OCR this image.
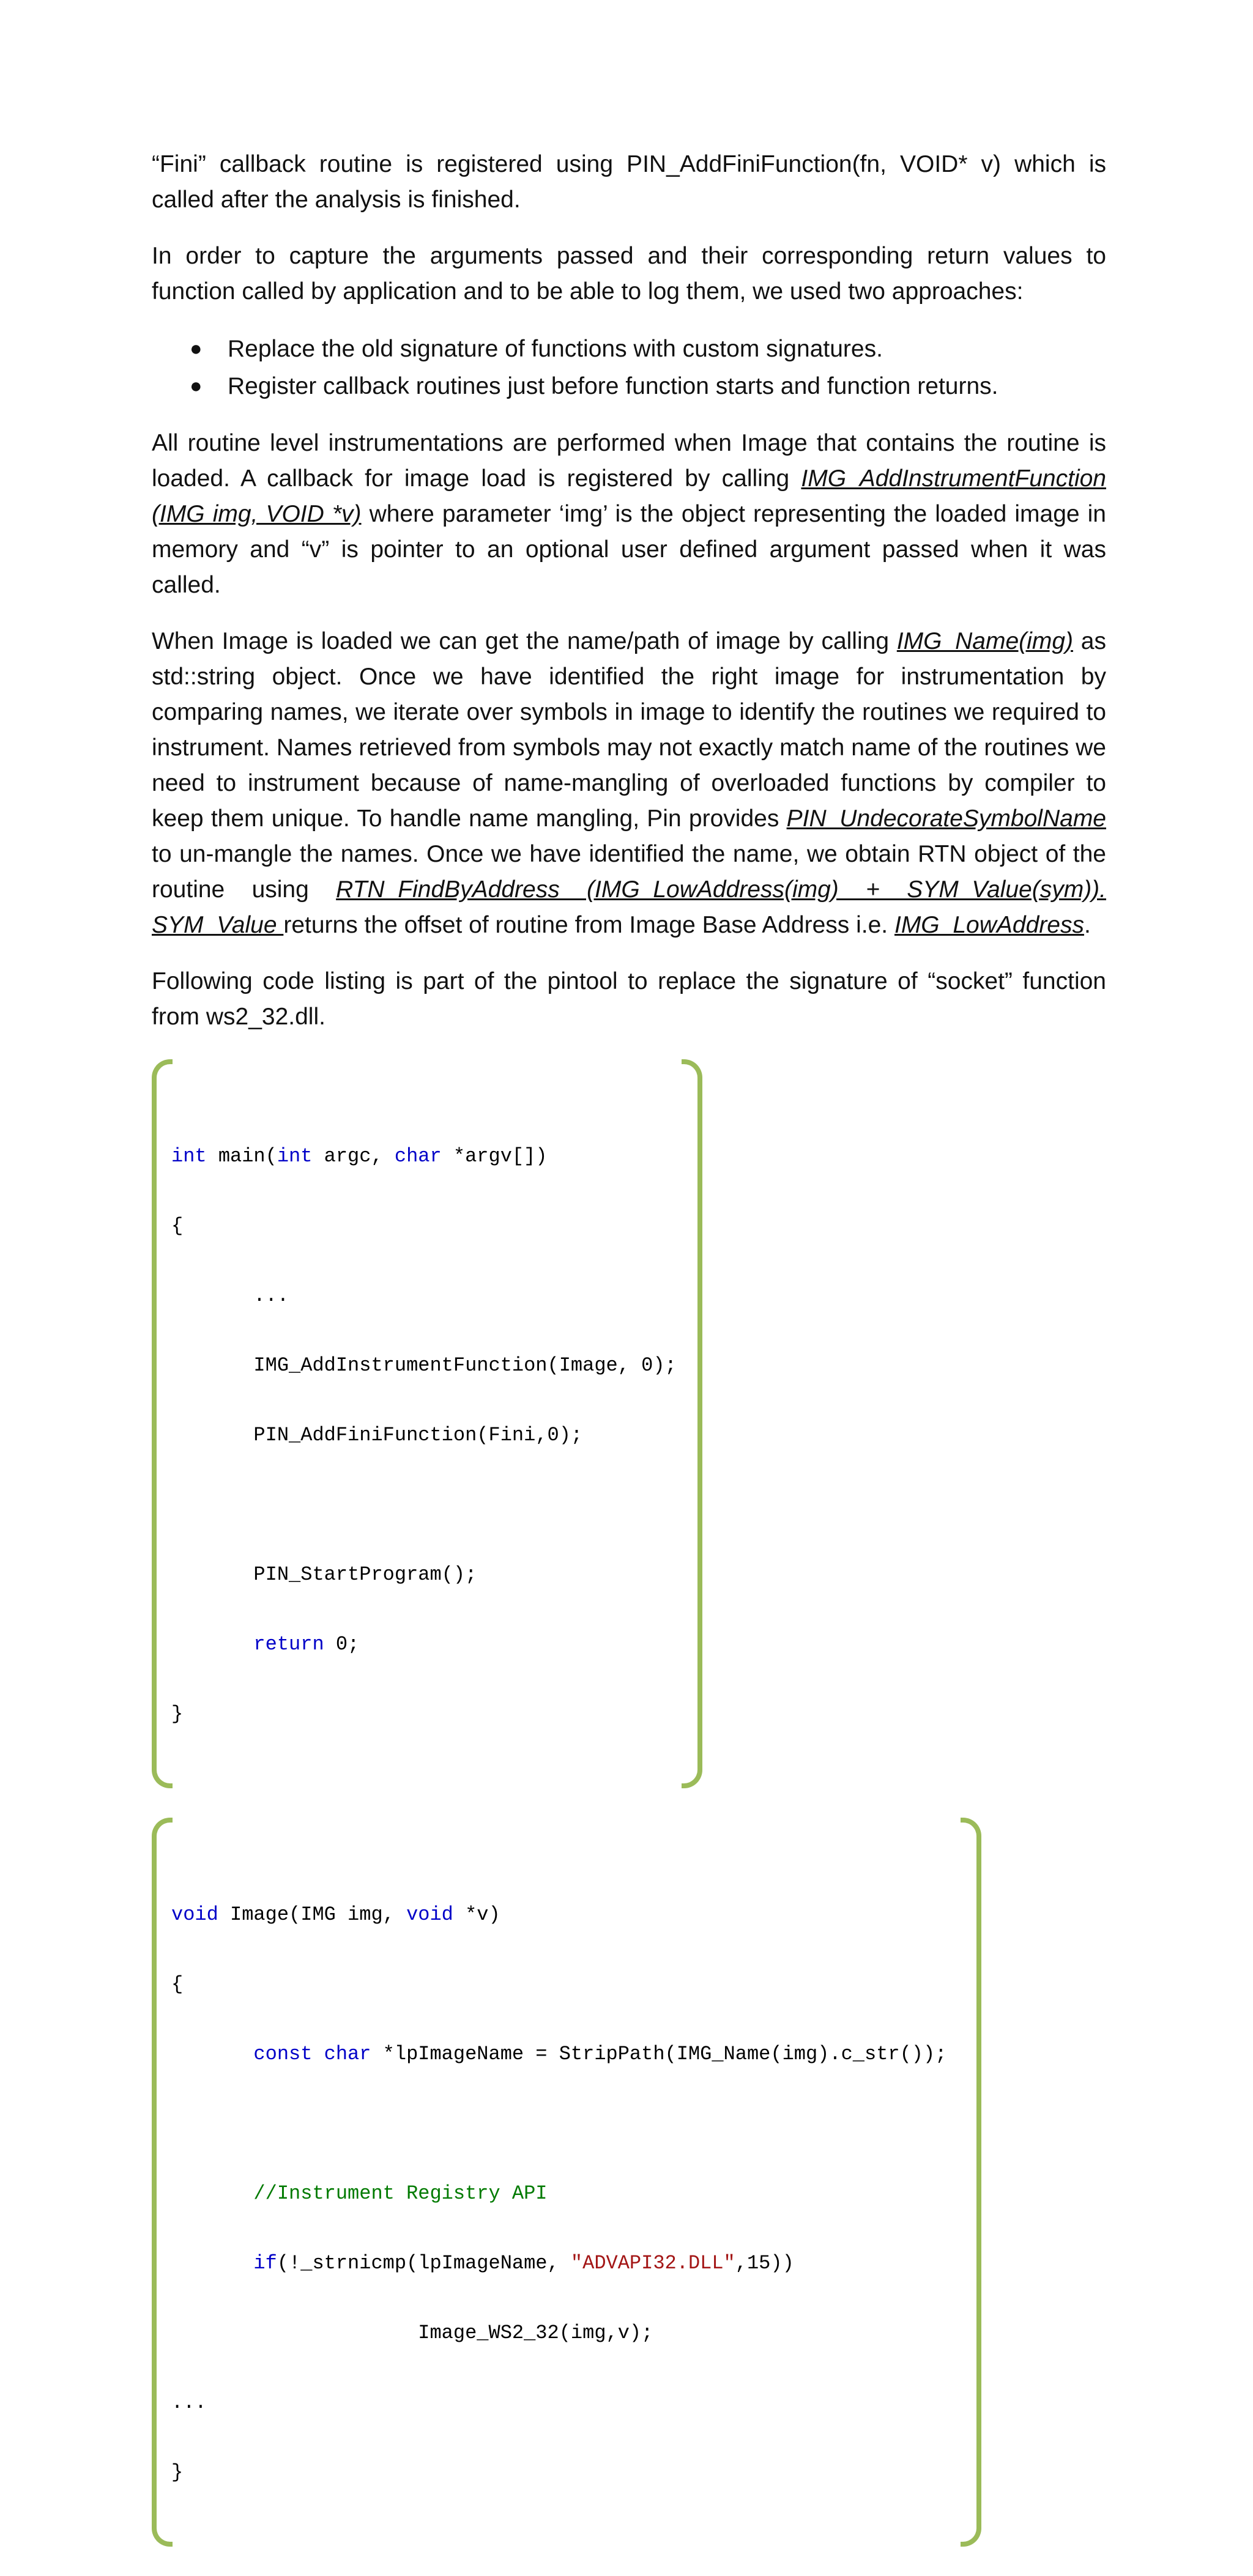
“Fini” callback routine is registered using PIN_AddFiniFunction(fn, VOID* v) which is called after the analysis is finished.

In order to capture the arguments passed and their corresponding return values to function called by application and to be able to log them, we used two approaches:

● Replace the old signature of functions with custom signatures.
● Register callback routines just before function starts and function returns.

All routine level instrumentations are performed when Image that contains the routine is loaded. A callback for image load is registered by calling IMG_AddInstrumentFunction (IMG img, VOID *v) where parameter ‘img’ is the object representing the loaded image in memory and “v” is pointer to an optional user defined argument passed when it was called.

When Image is loaded we can get the name/path of image by calling IMG_Name(img) as std::string object. Once we have identified the right image for instrumentation by comparing names, we iterate over symbols in image to identify the routines we required to instrument. Names retrieved from symbols may not exactly match name of the routines we need to instrument because of name-mangling of overloaded functions by compiler to keep them unique. To handle name mangling, Pin provides PIN_UndecorateSymbolName to un-mangle the names. Once we have identified the name, we obtain RTN object of the routine using RTN_FindByAddress (IMG_LowAddress(img) + SYM_Value(sym)). SYM_Value returns the offset of routine from Image Base Address i.e. IMG_LowAddress.

Following code listing is part of the pintool to replace the signature of “socket” function from ws2_32.dll.

int main(int argc, char *argv[])

{

...

IMG_AddInstrumentFunction(Image, 0);

PIN_AddFiniFunction(Fini,0);

PIN_StartProgram();

return 0;

}

void Image(IMG img, void *v)

{

const char *lpImageName = StripPath(IMG_Name(img).c_str());

//Instrument Registry API

if(!_strnicmp(lpImageName, "ADVAPI32.DLL",15))

Image_WS2_32(img,v);

...

}
